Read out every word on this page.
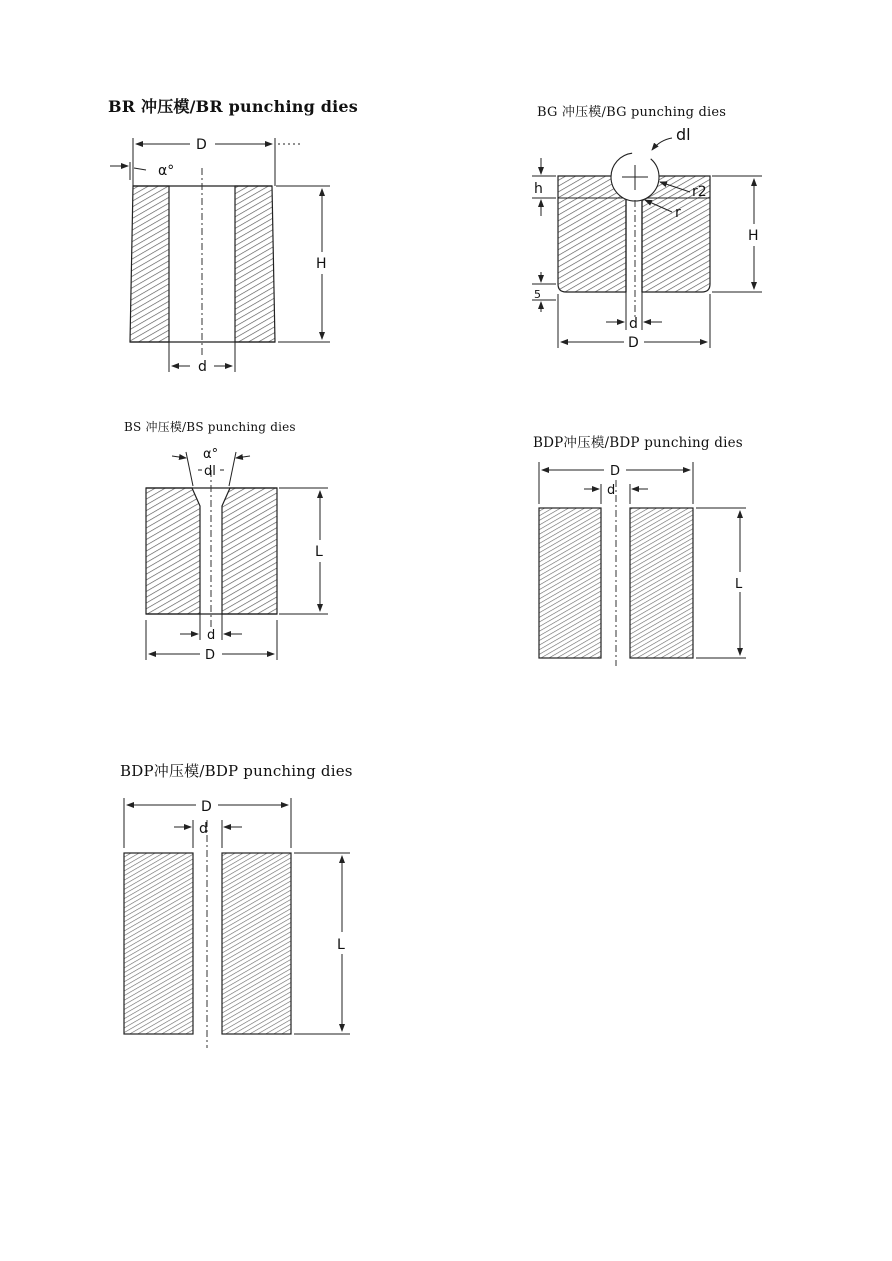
BR 冲压模/BR punching dies	BG 冲压模/BG punching dies
BS 冲压模/BS punching dies
BDP冲压模/BDP punching dies
BDP冲压模/BDP punching dies
D
α°
H
d
dl
h	r2
r
H
5
d
D
α°
dl
L
d
D
D
d
L
D
d
L
